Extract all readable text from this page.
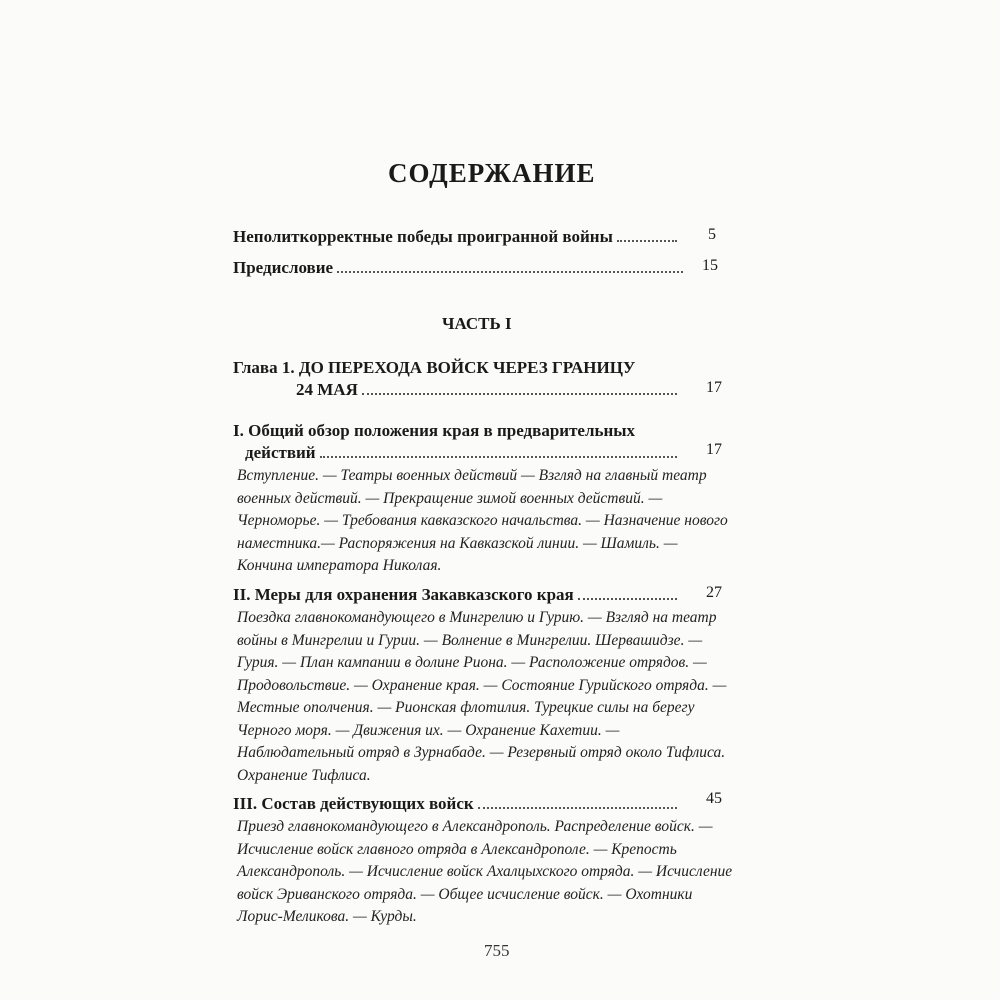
СОДЕРЖАНИЕ
Неполиткорректные победы проигранной войны	5
Предисловие	15
ЧАСТЬ I
Глава 1. ДО ПЕРЕХОДА ВОЙСК ЧЕРЕЗ ГРАНИЦУ
24 МАЯ	17
I. Общий обзор положения края в предварительных
действий	17
Вступление. — Театры военных действий — Взгляд на главный театр
военных действий. — Прекращение зимой военных действий. —
Черноморье. — Требования кавказского начальства. — Назначение нового
наместника.— Распоряжения на Кавказской линии. — Шамиль. —
Кончина императора Николая.
II. Меры для охранения Закавказского края	27
Поездка главнокомандующего в Мингрелию и Гурию. — Взгляд на театр
войны в Мингрелии и Гурии. — Волнение в Мингрелии. Шервашидзе. —
Гурия. — План кампании в долине Риона. — Расположение отрядов. —
Продовольствие. — Охранение края. — Состояние Гурийского отряда. —
Местные ополчения. — Рионская флотилия. Турецкие силы на берегу
Черного моря. — Движения их. — Охранение Кахетии. —
Наблюдательный отряд в Зурнабаде. — Резервный отряд около Тифлиса.
Охранение Тифлиса.
III. Состав действующих войск	45
Приезд главнокомандующего в Александрополь. Распределение войск. —
Исчисление войск главного отряда в Александрополе. — Крепость
Александрополь. — Исчисление войск Ахалцыхского отряда. — Исчисление
войск Эриванского отряда. — Общее исчисление войск. — Охотники
Лорис-Меликова. — Курды.
755
